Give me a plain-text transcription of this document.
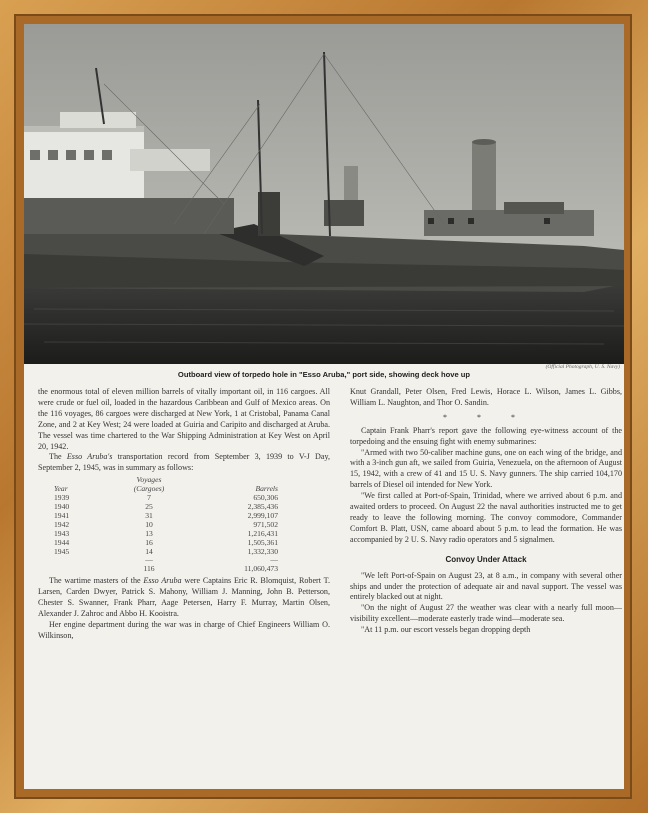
(Official Photograph, U. S. Navy)
Outboard view of torpedo hole in "Esso Aruba," port side, showing deck hove up

the enormous total of eleven million barrels of vitally important oil, in 116 cargoes. All were crude or fuel oil, loaded in the hazardous Caribbean and Gulf of Mexico areas. On the 116 voyages, 86 cargoes were discharged at New York, 1 at Cristobal, Panama Canal Zone, and 2 at Key West; 24 were loaded at Guiria and Caripito and discharged at Aruba. The vessel was time chartered to the War Shipping Administration at Key West on April 20, 1942.

The Esso Aruba's transportation record from September 3, 1939 to V-J Day, September 2, 1945, was in summary as follows:

	Voyages	
Year	(Cargoes)	Barrels
1939	7	650,306
1940	25	2,385,436
1941	31	2,999,107
1942	10	971,502
1943	13	1,216,431
1944	16	1,505,361
1945	14	1,332,330
	—	—
	116	11,060,473

The wartime masters of the Esso Aruba were Captains Eric R. Blomquist, Robert T. Larsen, Carden Dwyer, Patrick S. Mahony, William J. Manning, John B. Petterson, Chester S. Swanner, Frank Pharr, Aage Petersen, Harry F. Murray, Martin Olsen, Alexander J. Zahroc and Abbo H. Kooistra.

Her engine department during the war was in charge of Chief Engineers William O. Wilkinson,

Knut Grandall, Peter Olsen, Fred Lewis, Horace L. Wilson, James L. Gibbs, William L. Naughton, and Thor O. Sandin.

* * *

Captain Frank Pharr's report gave the following eye-witness account of the torpedoing and the ensuing fight with enemy submarines:

"Armed with two 50-caliber machine guns, one on each wing of the bridge, and with a 3-inch gun aft, we sailed from Guiria, Venezuela, on the afternoon of August 15, 1942, with a crew of 41 and 15 U. S. Navy gunners. The ship carried 104,170 barrels of Diesel oil intended for New York.

"We first called at Port-of-Spain, Trinidad, where we arrived about 6 p.m. and awaited orders to proceed. On August 22 the naval authorities instructed me to get ready to leave the following morning. The convoy commodore, Commander Comfort B. Platt, USN, came aboard about 5 p.m. to lead the formation. He was accompanied by 2 U. S. Navy radio operators and 5 signalmen.

Convoy Under Attack

"We left Port-of-Spain on August 23, at 8 a.m., in company with several other ships and under the protection of adequate air and naval support. The vessel was entirely blacked out at night.

"On the night of August 27 the weather was clear with a nearly full moon—visibility excellent—moderate easterly trade wind—moderate sea.

"At 11 p.m. our escort vessels began dropping depth
